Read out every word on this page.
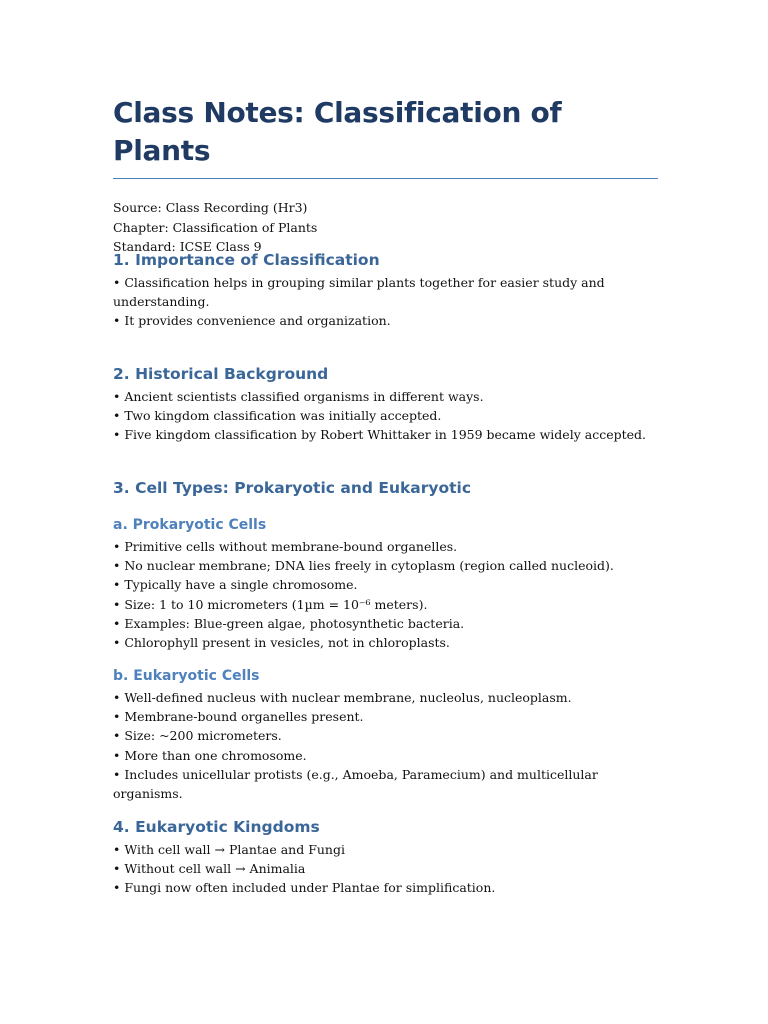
Class Notes: Classification of Plants
Source: Class Recording (Hr3)
Chapter: Classification of Plants
Standard: ICSE Class 9
1. Importance of Classification
• Classification helps in grouping similar plants together for easier study and understanding.
• It provides convenience and organization.
2. Historical Background
• Ancient scientists classified organisms in different ways.
• Two kingdom classification was initially accepted.
• Five kingdom classification by Robert Whittaker in 1959 became widely accepted.
3. Cell Types: Prokaryotic and Eukaryotic
a. Prokaryotic Cells
• Primitive cells without membrane-bound organelles.
• No nuclear membrane; DNA lies freely in cytoplasm (region called nucleoid).
• Typically have a single chromosome.
• Size: 1 to 10 micrometers (1µm = 10⁻⁶ meters).
• Examples: Blue-green algae, photosynthetic bacteria.
• Chlorophyll present in vesicles, not in chloroplasts.
b. Eukaryotic Cells
• Well-defined nucleus with nuclear membrane, nucleolus, nucleoplasm.
• Membrane-bound organelles present.
• Size: ~200 micrometers.
• More than one chromosome.
• Includes unicellular protists (e.g., Amoeba, Paramecium) and multicellular organisms.
4. Eukaryotic Kingdoms
• With cell wall → Plantae and Fungi
• Without cell wall → Animalia
• Fungi now often included under Plantae for simplification.
